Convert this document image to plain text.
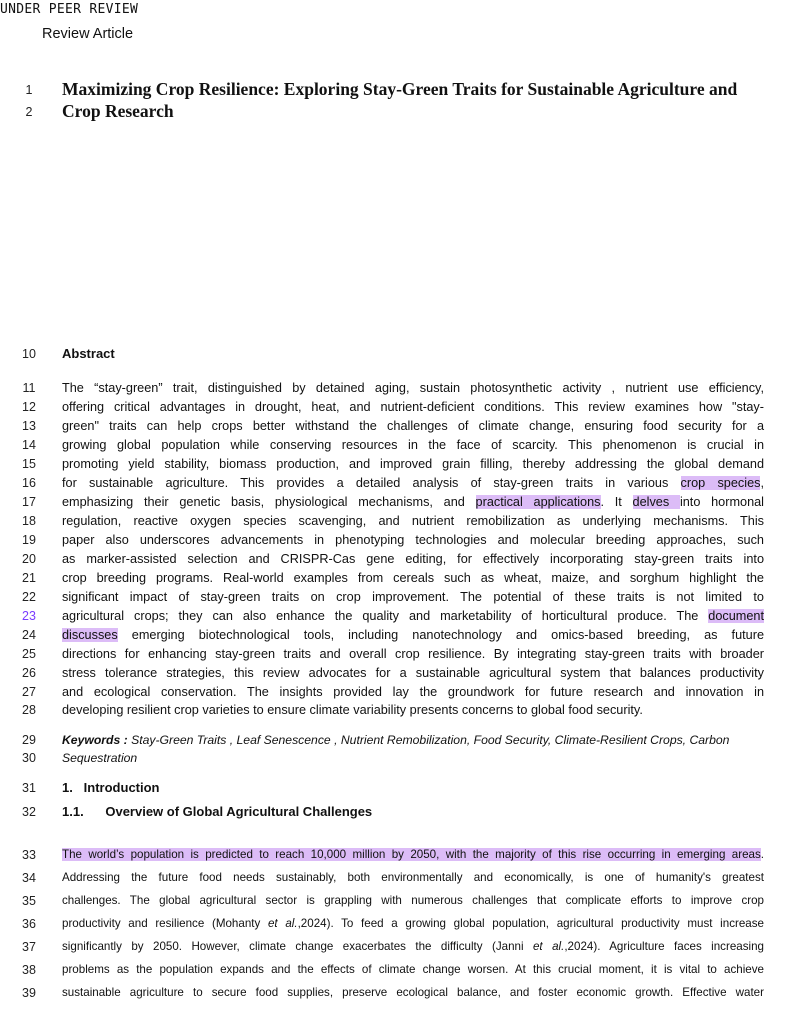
UNDER PEER REVIEW
Review Article
1	Maximizing Crop Resilience: Exploring Stay-Green Traits for Sustainable Agriculture and
2	Crop Research
10	Abstract
11	The “stay-green” trait, distinguished by detained aging, sustain photosynthetic activity , nutrient use efficiency,
12	offering critical advantages in drought, heat, and nutrient-deficient conditions. This review examines how "stay-
13	green" traits can help crops better withstand the challenges of climate change, ensuring food security for a
14	growing global population while conserving resources in the face of scarcity. This phenomenon is crucial in
15	promoting yield stability, biomass production, and improved grain filling, thereby addressing the global demand
16	for sustainable agriculture. This provides a detailed analysis of stay-green traits in various crop species,
17	emphasizing their genetic basis, physiological mechanisms, and practical applications. It delves into hormonal
18	regulation, reactive oxygen species scavenging, and nutrient remobilization as underlying mechanisms. This
19	paper also underscores advancements in phenotyping technologies and molecular breeding approaches, such
20	as marker-assisted selection and CRISPR-Cas gene editing, for effectively incorporating stay-green traits into
21	crop breeding programs. Real-world examples from cereals such as wheat, maize, and sorghum highlight the
22	significant impact of stay-green traits on crop improvement. The potential of these traits is not limited to
23	agricultural crops; they can also enhance the quality and marketability of horticultural produce. The document
24	discusses emerging biotechnological tools, including nanotechnology and omics-based breeding, as future
25	directions for enhancing stay-green traits and overall crop resilience. By integrating stay-green traits with broader
26	stress tolerance strategies, this review advocates for a sustainable agricultural system that balances productivity
27	and ecological conservation. The insights provided lay the groundwork for future research and innovation in
28	developing resilient crop varieties to ensure climate variability presents concerns to global food security.
29	Keywords : Stay-Green Traits , Leaf Senescence , Nutrient Remobilization, Food Security, Climate-Resilient Crops, Carbon
30	Sequestration
31	1.   Introduction
32	1.1.      Overview of Global Agricultural Challenges
33	The world’s population is predicted to reach 10,000 million by 2050, with the majority of this rise occurring in emerging areas.
34	Addressing the future food needs sustainably, both environmentally and economically, is one of humanity's greatest
35	challenges. The global agricultural sector is grappling with numerous challenges that complicate efforts to improve crop
36	productivity and resilience (Mohanty et al.,2024). To feed a growing global population, agricultural productivity must increase
37	significantly by 2050. However, climate change exacerbates the difficulty (Janni et al.,2024). Agriculture faces increasing
38	problems as the population expands and the effects of climate change worsen. At this crucial moment, it is vital to achieve
39	sustainable agriculture to secure food supplies, preserve ecological balance, and foster economic growth. Effective water
